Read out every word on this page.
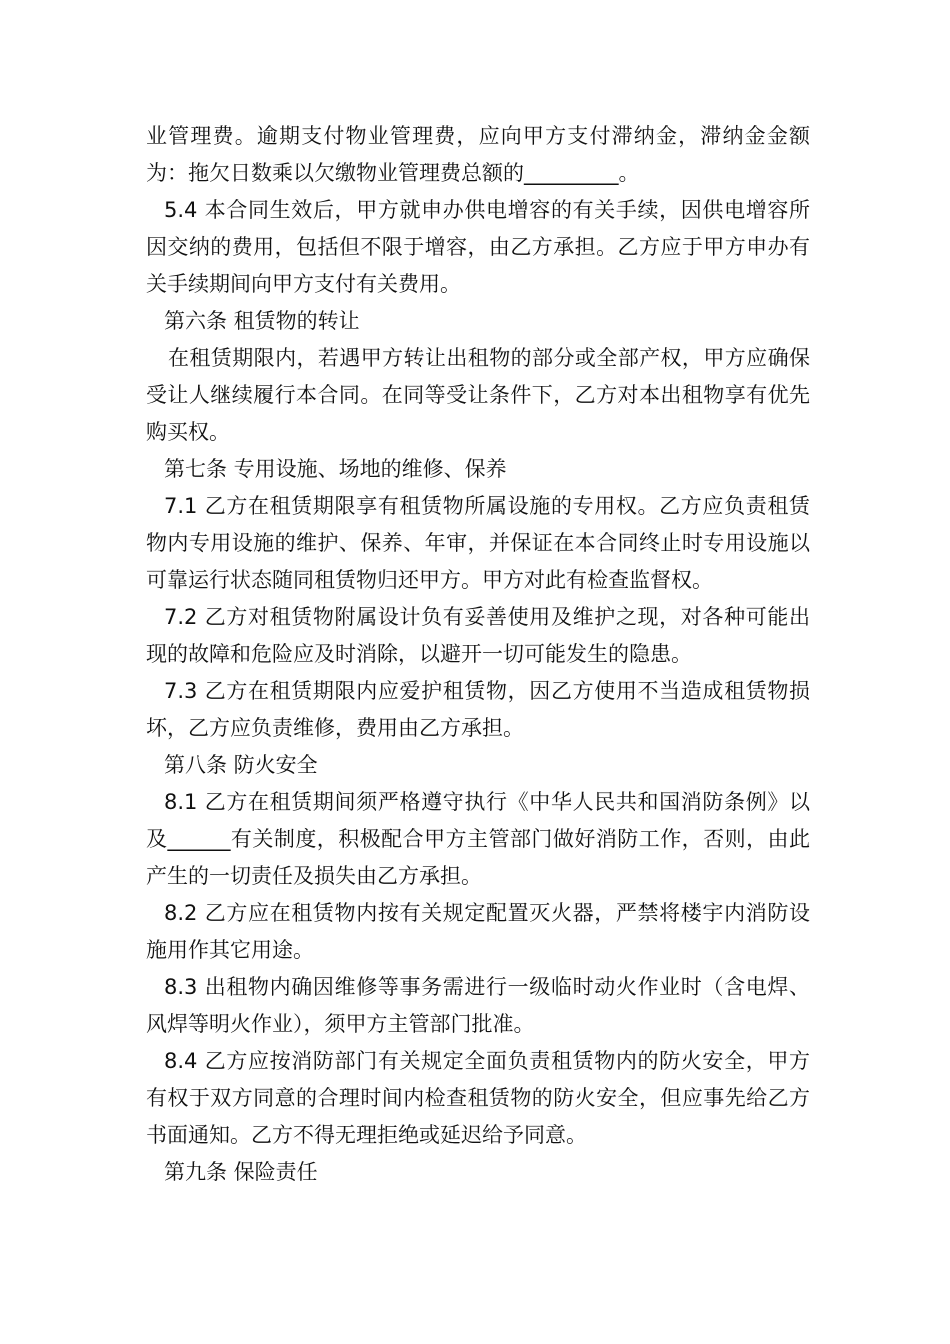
业管理费。逾期支付物业管理费，应向甲方支付滞纳金，滞纳金金额为：拖欠日数乘以欠缴物业管理费总额的_________。

5.4 本合同生效后，甲方就申办供电增容的有关手续，因供电增容所因交纳的费用，包括但不限于增容，由乙方承担。乙方应于甲方申办有关手续期间向甲方支付有关费用。

第六条 租赁物的转让

在租赁期限内，若遇甲方转让出租物的部分或全部产权，甲方应确保受让人继续履行本合同。在同等受让条件下，乙方对本出租物享有优先购买权。

第七条 专用设施、场地的维修、保养

7.1 乙方在租赁期限享有租赁物所属设施的专用权。乙方应负责租赁物内专用设施的维护、保养、年审，并保证在本合同终止时专用设施以可靠运行状态随同租赁物归还甲方。甲方对此有检查监督权。

7.2 乙方对租赁物附属设计负有妥善使用及维护之现，对各种可能出现的故障和危险应及时消除，以避开一切可能发生的隐患。

7.3 乙方在租赁期限内应爱护租赁物，因乙方使用不当造成租赁物损坏，乙方应负责维修，费用由乙方承担。

第八条 防火安全

8.1 乙方在租赁期间须严格遵守执行《中华人民共和国消防条例》以及______有关制度，积极配合甲方主管部门做好消防工作，否则，由此产生的一切责任及损失由乙方承担。

8.2 乙方应在租赁物内按有关规定配置灭火器，严禁将楼宇内消防设施用作其它用途。

8.3 出租物内确因维修等事务需进行一级临时动火作业时（含电焊、风焊等明火作业），须甲方主管部门批准。

8.4 乙方应按消防部门有关规定全面负责租赁物内的防火安全，甲方有权于双方同意的合理时间内检查租赁物的防火安全，但应事先给乙方书面通知。乙方不得无理拒绝或延迟给予同意。

第九条 保险责任
